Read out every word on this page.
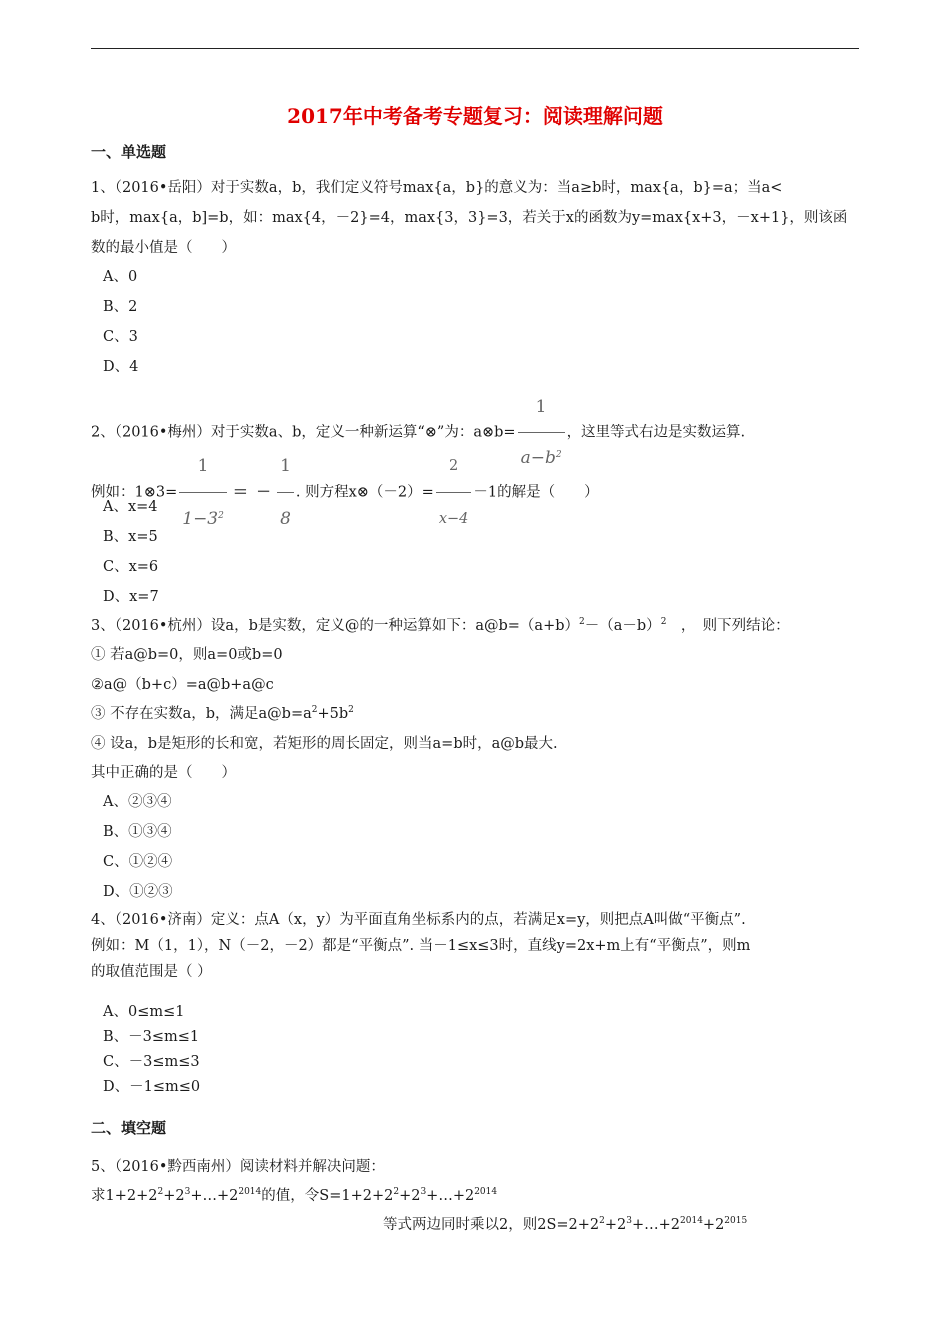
2017年中考备考专题复习：阅读理解问题
一、单选题
1、（2016•岳阳）对于实数a，b，我们定义符号max{a，b}的意义为：当a≥b时，max{a，b}=a；当a<
b时，max{a，b]=b，如：max{4，－2}=4，max{3，3}=3，若关于x的函数为y=max{x+3，－x+1}，则该函
数的最小值是（　　）
A、0
B、2
C、3
D、4
2、（2016•梅州）对于实数a、b，定义一种新运算“⊗”为：a⊗b= $\frac{1}{a-b^2}$ ，这里等式右边是实数运算.
例如：1⊗3= $\frac{1}{1-3^2}$ = − $\frac{1}{8}$ . 则方程x⊗（－2）= $\frac{2}{x-4} -1$的解是（　　）
A、x=4
B、x=5
C、x=6
D、x=7
3、（2016•杭州）设a，b是实数，定义@的一种运算如下：$a@b=(a+b)^2-(a-b)^2$　，　则下列结论：
① 若a@b=0，则a=0或b=0
②a@（b+c）=a@b+a@c
③ 不存在实数a，b，满足$a@b=a^2+5b^2$
④ 设a，b是矩形的长和宽，若矩形的周长固定，则当a=b时，a@b最大.
其中正确的是（　　）
A、②③④
B、①③④
C、①②④
D、①②③
4、（2016•济南）定义：点A（x，y）为平面直角坐标系内的点，若满足x=y，则把点A叫做“平衡点”.
例如：M（1，1），N（－2，－2）都是“平衡点”. 当－1≤x≤3时，直线y=2x+m上有“平衡点”，则m
的取值范围是（ ）
A、0≤m≤1
B、－3≤m≤1
C、－3≤m≤3
D、－1≤m≤0
二、填空题
5、（2016•黔西南州）阅读材料并解决问题：
求$1+2+2^2+2^3+\dots+2^{2014}$的值，令$S=1+2+2^2+2^3+\dots+2^{2014}$
等式两边同时乘以2，则$2S=2+2^2+2^3+\dots+2^{2014}+2^{2015}$
